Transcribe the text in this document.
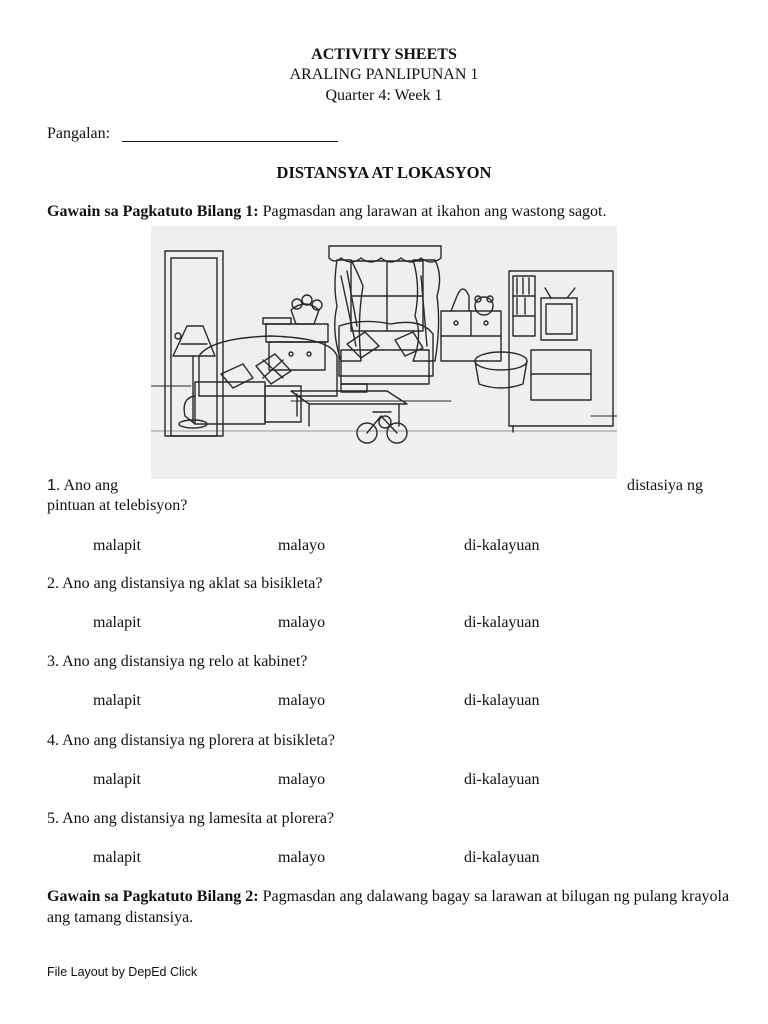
ACTIVITY SHEETS
ARALING PANLIPUNAN 1
Quarter 4: Week 1
Pangalan:
DISTANSYA AT LOKASYON
Gawain sa Pagkatuto Bilang 1: Pagmasdan ang larawan at ikahon ang wastong sagot.
1. Ano ang	distasiya ng
pintuan at telebisyon?
malapit	malayo	di-kalayuan
2. Ano ang distansiya ng aklat sa bisikleta?
malapit	malayo	di-kalayuan
3. Ano ang distansiya ng relo at kabinet?
malapit	malayo	di-kalayuan
4. Ano ang distansiya ng plorera at bisikleta?
malapit	malayo	di-kalayuan
5. Ano ang distansiya ng lamesita at plorera?
malapit	malayo	di-kalayuan
Gawain sa Pagkatuto Bilang 2: Pagmasdan ang dalawang bagay sa larawan at bilugan ng pulang krayola ang tamang distansiya.
File Layout by DepEd Click
